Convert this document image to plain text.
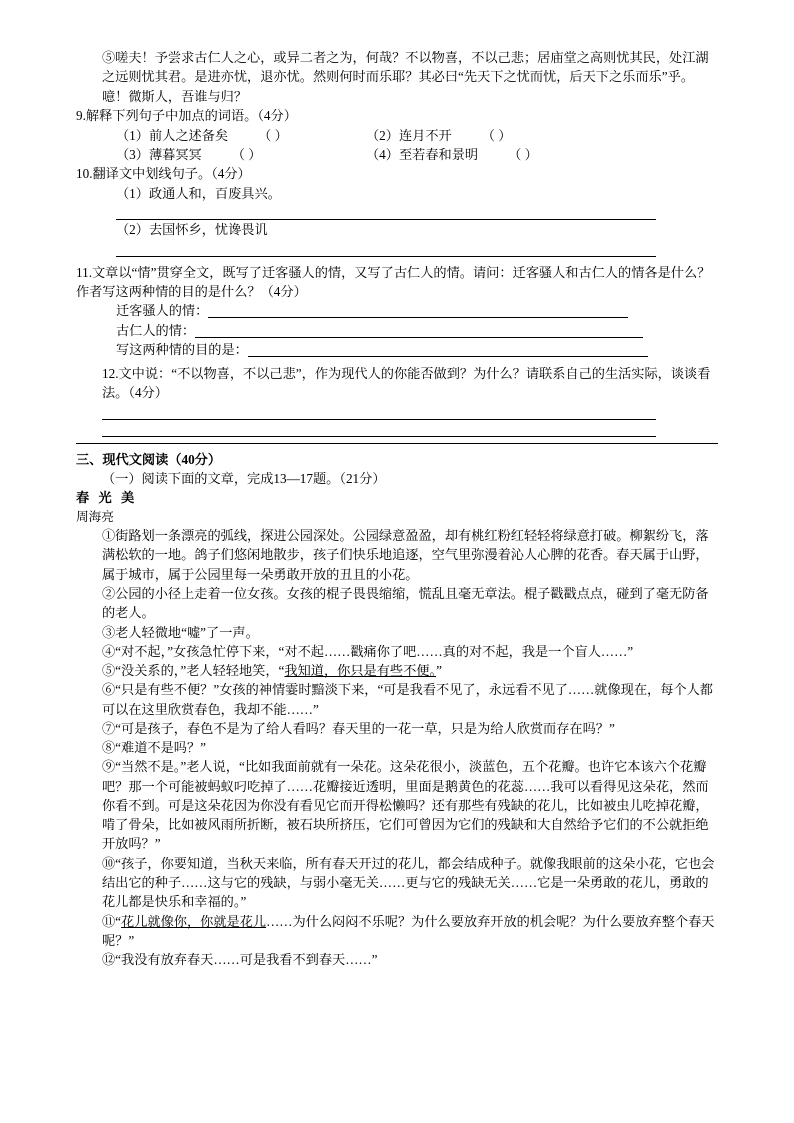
⑤嗟夫！予尝求古仁人之心，或异二者之为，何哉？不以物喜，不以己悲；居庙堂之高则忧其民，处江湖之远则忧其君。是进亦忧，退亦忧。然则何时而乐耶？其必曰“先天下之忧而忧，后天下之乐而乐”乎。噫！微斯人，吾谁与归？

9.解释下列句子中加点的词语。（4分）

（1）前人之述备矣 （ ）	（2）连月不开 （ ）
（3）薄暮冥冥 （ ）	（4）至若春和景明 （ ）

10.翻译文中划线句子。（4分）

（1）政通人和，百废具兴。

（2）去国怀乡，忧谗畏讥

11.文章以“情”贯穿全文，既写了迁客骚人的情，又写了古仁人的情。请问：迁客骚人和古仁人的情各是什么？作者写这两种情的目的是什么？（4分）

迁客骚人的情：

古仁人的情：

写这两种情的目的是：

12.文中说：“不以物喜，不以己悲”，作为现代人的你能否做到？为什么？请联系自己的生活实际，谈谈看法。（4分）

三、现代文阅读（40分）

（一）阅读下面的文章，完成13—17题。（21分）

春 光 美

周海亮

①街路划一条漂亮的弧线，探进公园深处。公园绿意盈盈，却有桃红粉红轻轻将绿意打破。柳絮纷飞，落满松软的一地。鸽子们悠闲地散步，孩子们快乐地追逐，空气里弥漫着沁人心脾的花香。春天属于山野，属于城市，属于公园里每一朵勇敢开放的丑且的小花。

②公园的小径上走着一位女孩。女孩的棍子畏畏缩缩，慌乱且毫无章法。棍子戳戳点点，碰到了毫无防备的老人。

③老人轻微地“嘘”了一声。

④“对不起，”女孩急忙停下来，“对不起……戳痛你了吧……真的对不起，我是一个盲人……”

⑤“没关系的，”老人轻轻地笑，“我知道，你只是有些不便。”

⑥“只是有些不便？”女孩的神情霎时黯淡下来，“可是我看不见了，永远看不见了……就像现在，每个人都可以在这里欣赏春色，我却不能……”

⑦“可是孩子，春色不是为了给人看吗？春天里的一花一草，只是为给人欣赏而存在吗？”

⑧“难道不是吗？”

⑨“当然不是。”老人说，“比如我面前就有一朵花。这朵花很小，淡蓝色，五个花瓣。也许它本该六个花瓣吧？那一个可能被蚂蚁叼吃掉了……花瓣接近透明，里面是鹅黄色的花蕊……我可以看得见这朵花，然而你看不到。可是这朵花因为你没有看见它而开得松懒吗？还有那些有残缺的花儿，比如被虫儿吃掉花瓣，啃了骨朵，比如被风雨所折断，被石块所挤压，它们可曾因为它们的残缺和大自然给予它们的不公就拒绝开放吗？”

⑩“孩子，你要知道，当秋天来临，所有春天开过的花儿，都会结成种子。就像我眼前的这朵小花，它也会结出它的种子……这与它的残缺，与弱小毫无关……更与它的残缺无关……它是一朵勇敢的花儿，勇敢的花儿都是快乐和幸福的。”

⑪“花儿就像你，你就是花儿……为什么闷闷不乐呢？为什么要放弃开放的机会呢？为什么要放弃整个春天呢？”

⑫“我没有放弃春天……可是我看不到春天……”
